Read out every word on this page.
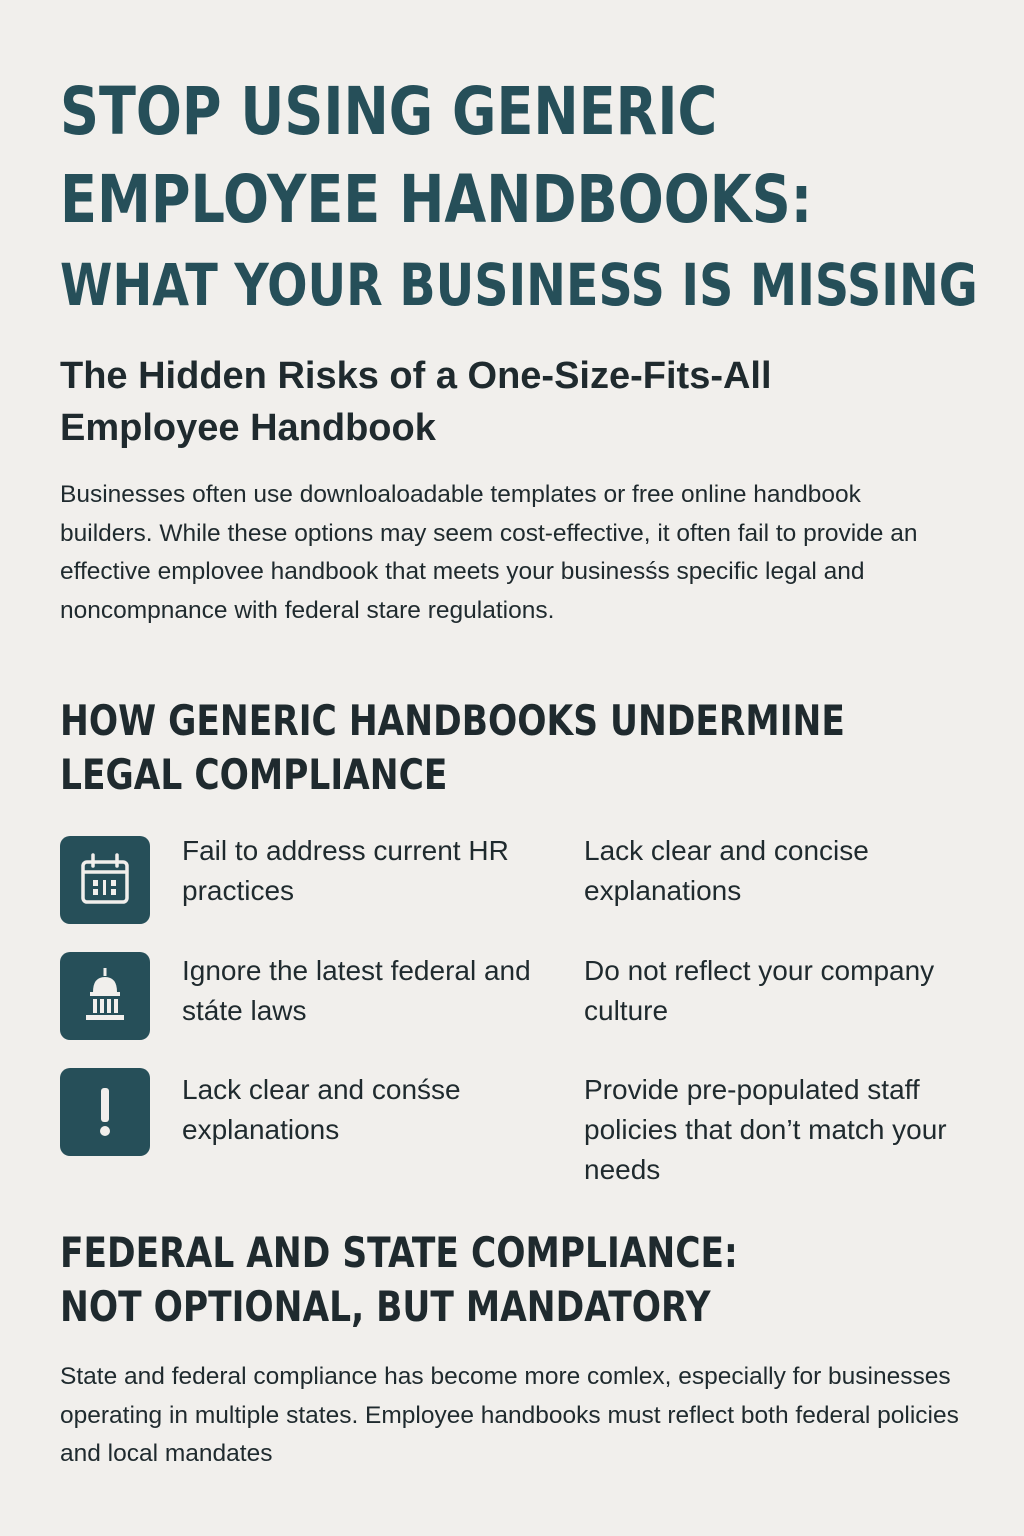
STOP USING GENERIC
EMPLOYEE HANDBOOKS:
WHAT YOUR BUSINESS IS MISSING
The Hidden Risks of a One-Size-Fits-All Employee Handbook

Businesses often use downloaloadable templates or free online handbook builders. While these options may seem cost-effective, it often fail to provide an effective emplovee handbook that meets your businesśs specific legal and noncompnance with federal stare regulations.

HOW GENERIC HANDBOOKS UNDERMINE
LEGAL COMPLIANCE

Fail to address current HR practices

Lack clear and concise explanations

Ignore the latest federal and státe laws

Do not reflect your company culture

Lack clear and conśse explanations

Provide pre-populated staff policies that don’t match your needs

FEDERAL AND STATE COMPLIANCE:
NOT OPTIONAL, BUT MANDATORY

State and federal compliance has become more comlex, especially for businesses operating in multiple states. Employee handbooks must reflect both federal policies and local mandates
